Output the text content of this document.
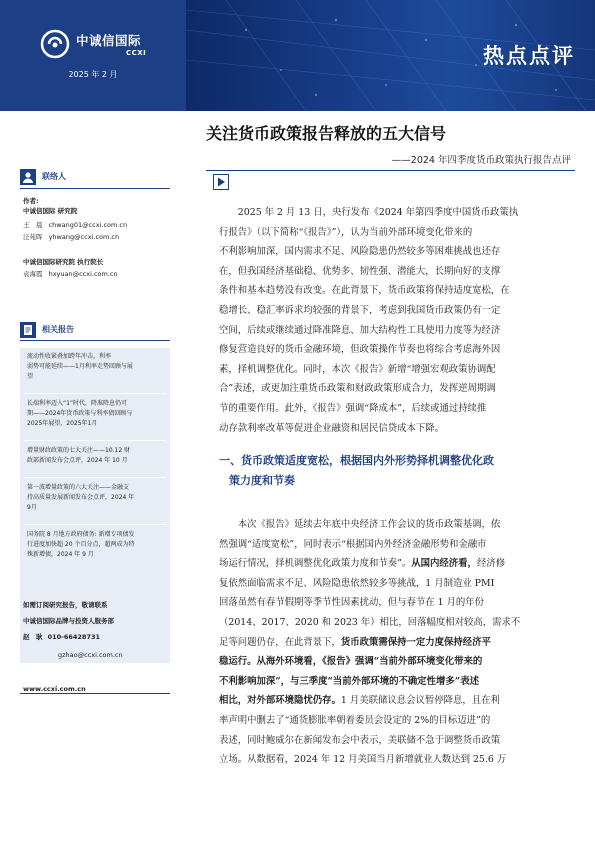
中诚信国际
CCXI
2025 年 2 月
热点点评
联络人
作者:
中诚信国际 研究院
王　晨 chwang01@ccxi.com.cn
汪苑晖 yhwang@ccxi.com.cn
中诚信国际研究院 执行院长
袁海霞 hxyuan@ccxi.com.cn
相关报告
流动性收紧叠加跨年冲击，利率
弱势可能延续——1月利率走势回顾与展
望
长端利率迈入“1”时代，降准降息仍可
期——2024年货币政策与利率债回顾与
2025年展望，2025年1月
增量财政政策的七大关注——10.12 财
政部新闻发布会点评，2024 年 10 月
第一波增量政策的六大关注——金融支
持高质量发展新闻发布会点评，2024 年
9月
国务院 8 月地方政府债务: 新增专项债发
行进度加快超 20 个百分点，超两成为特
殊新增债，2024 年 9 月
如需订阅研究报告，敬请联系
中诚信国际品牌与投资人服务部
赵　耿 010-66428731
gzhao@ccxi.com.cn
www.ccxi.com.cn
关注货币政策报告释放的五大信号
——2024 年四季度货币政策执行报告点评
2025 年 2 月 13 日，央行发布《2024 年第四季度中国货币政策执
行报告》（以下简称“《报告》”），认为当前外部环境变化带来的
不利影响加深，国内需求不足、风险隐患仍然较多等困难挑战也还存
在，但我国经济基础稳、优势多、韧性强、潜能大，长期向好的支撑
条件和基本趋势没有改变。在此背景下，货币政策将保持适度宽松，在
稳增长、稳汇率诉求均较强的背景下，考虑到我国货币政策仍有一定
空间，后续或继续通过降准降息、加大结构性工具使用力度等为经济
修复营造良好的货币金融环境，但政策操作节奏也将综合考虑海外因
素，择机调整优化。同时，本次《报告》新增“增强宏观政策协调配
合”表述，或更加注重货币政策和财政政策形成合力，发挥逆周期调
节的重要作用。此外，《报告》强调“降成本”，后续或通过持续推
动存款利率改革等促进企业融资和居民信贷成本下降。
一、货币政策适度宽松，根据国内外形势择机调整优化政
策力度和节奏
本次《报告》延续去年底中央经济工作会议的货币政策基调，依
然强调“适度宽松”，同时表示“根据国内外经济金融形势和金融市
场运行情况，择机调整优化政策力度和节奏”。从国内经济看，经济修
复依然面临需求不足、风险隐患依然较多等挑战，1 月制造业 PMI
回落虽然有春节假期等季节性因素扰动，但与春节在 1 月的年份
（2014、2017、2020 和 2023 年）相比，回落幅度相对较高，需求不
足等问题仍存，在此背景下，货币政策需保持一定力度保持经济平
稳运行。从海外环境看，《报告》强调“当前外部环境变化带来的
不利影响加深”，与三季度“当前外部环境的不确定性增多”表述
相比，对外部环境隐忧仍存。1 月美联储议息会议暂停降息，且在利
率声明中删去了“通货膨胀率朝着委员会设定的 2%的目标迈进”的
表述，同时鲍威尔在新闻发布会中表示，美联储不急于调整货币政策
立场。从数据看，2024 年 12 月美国当月新增就业人数达到 25.6 万
